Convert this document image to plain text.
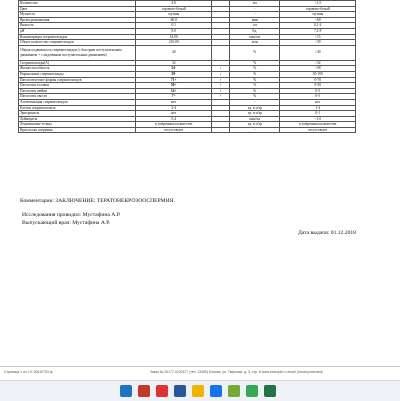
Количество	4.0		мл	>1,5
Цвет	серовато-белый		-	серовато-белый
Мутность	мутная		-	мутная
Время разжижения	60.0		мин	<60
Вязкость	0.1		см	0,1-2
pH	8.0		Ед.	7,2-8
Концентрация сперматозоидов	54.00		млн/мл	>15
Общее количество сперматозоидов	216.00		млн	>39
Общая подвижность сперматозоидов (с быстрым поступательным движением + с медленным поступательным движением)	40		%	>40
Сперматозоиды(A)	32		%	>32
Жизнеспособность	54-	↓	%	>58
Нормальные сперматозоиды	29-	↓	%	30-100
Патологические формы сперматозоидов	71+	↑	%	0-70
Патология головки	50+	↑	%	0-30
Патология шейки	14+	↑	%	0-5
Патология хвоста	7+	↑	%	0-5
Агглютинация сперматозоидов	нет		-	нет
Клетки сперматогенеза	2-4		ед. в п/зр	1-4
Эритроциты	нет		ед. в п/зр	0-1
Лейкоциты	0,4		млн/мл	<1,0
Лецитиновые тельца	в умеренном количестве		ед. в п/зр	в умеренном количестве
Кристаллы спермина	отсутствуют		-	отсутствуют
Комментарии: ЗАКЛЮЧЕНИЕ: ТЕРАТОНЕКРОЗООСПЕРМИЯ.
Исследования провидил: Мустафина А.Р.
Выпускающий врач: Мустафина А.Р.
Дата выдачи: 01.12.2018
Страница 1 из 1 Е-00410753 ф	Заказ № 20177-0100377 (тел. 13485) Москва, ул. Тверская, д. 3, стр. 8 www.example.ru email: [email protected]
